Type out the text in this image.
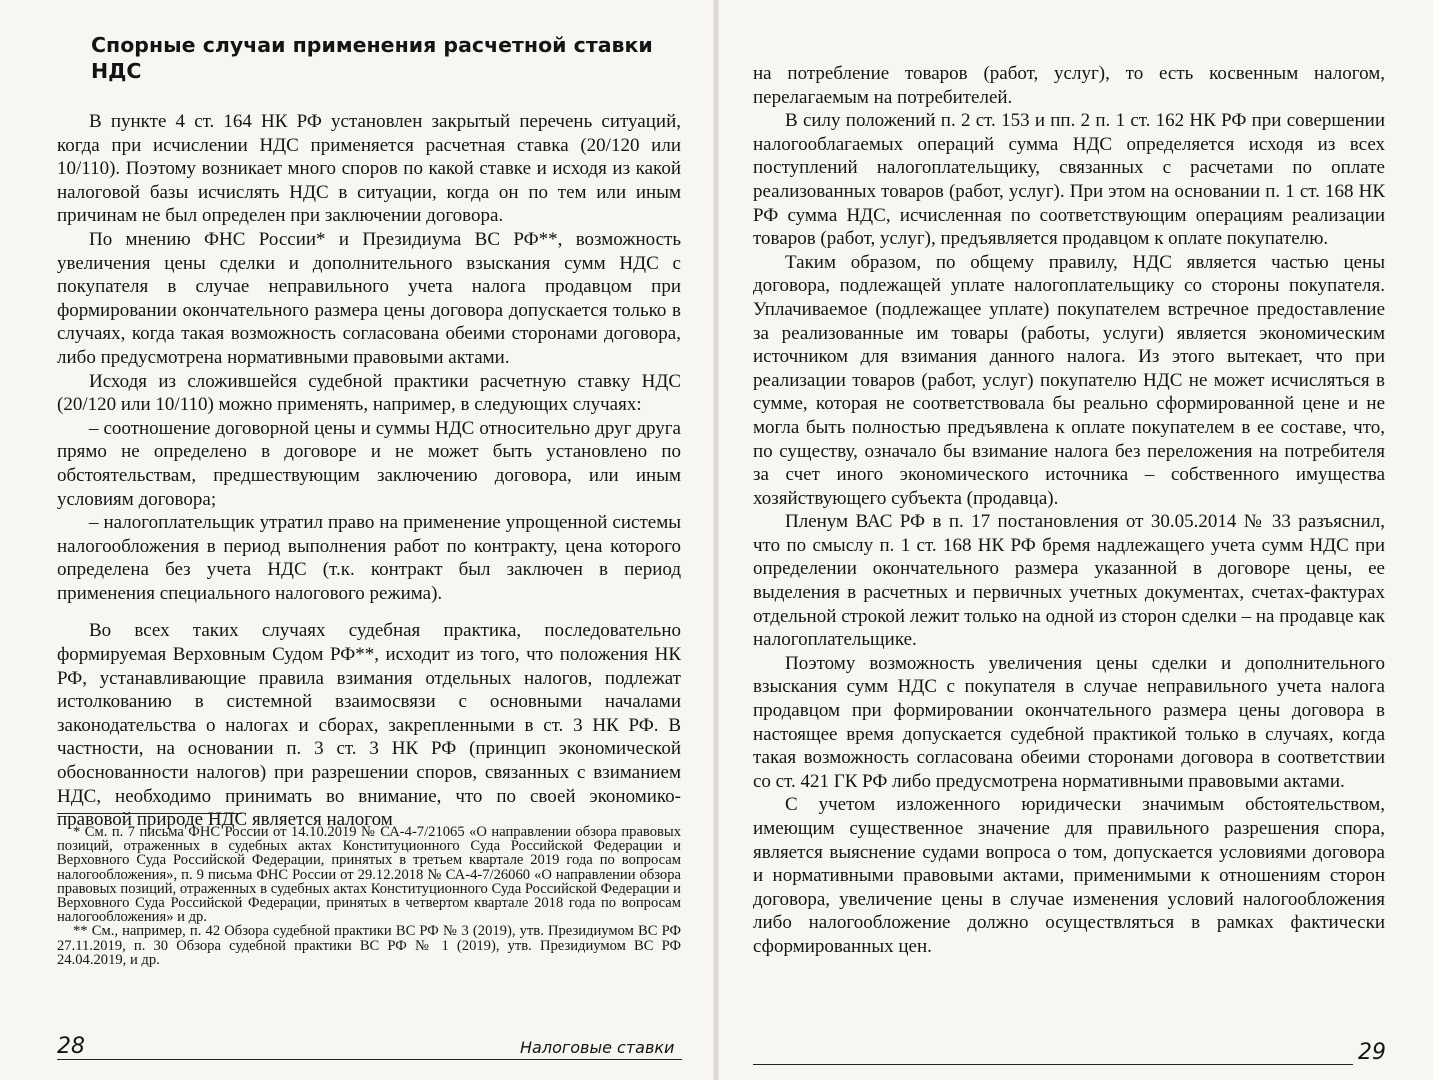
Спорные случаи применения расчетной ставки НДС

В пункте 4 ст. 164 НК РФ установлен закрытый перечень ситуаций, когда при исчислении НДС применяется расчетная ставка (20/120 или 10/110). Поэтому возникает много споров по какой ставке и исходя из какой налоговой базы исчислять НДС в ситуации, когда он по тем или иным причинам не был определен при заключении договора.

По мнению ФНС России* и Президиума ВС РФ**, возможность увеличения цены сделки и дополнительного взыскания сумм НДС с покупателя в случае неправильного учета налога продавцом при формировании окончательного размера цены договора допускается только в случаях, когда такая возможность согласована обеими сторонами договора, либо предусмотрена нормативными правовыми актами.

Исходя из сложившейся судебной практики расчетную ставку НДС (20/120 или 10/110) можно применять, например, в следующих случаях:

– соотношение договорной цены и суммы НДС относительно друг друга прямо не определено в договоре и не может быть установлено по обстоятельствам, предшествующим заключению договора, или иным условиям договора;
– налогоплательщик утратил право на применение упрощенной системы налогообложения в период выполнения работ по контракту, цена которого определена без учета НДС (т.к. контракт был заключен в период применения специального налогового режима).

Во всех таких случаях судебная практика, последовательно формируемая Верховным Судом РФ**, исходит из того, что положения НК РФ, устанавливающие правила взимания отдельных налогов, подлежат истолкованию в системной взаимосвязи с основными началами законодательства о налогах и сборах, закрепленными в ст. 3 НК РФ. В частности, на основании п. 3 ст. 3 НК РФ (принцип экономической обоснованности налогов) при разрешении споров, связанных с взиманием НДС, необходимо принимать во внимание, что по своей экономико-правовой природе НДС является налогом

* См. п. 7 письма ФНС России от 14.10.2019 № СА-4-7/21065 «О направлении обзора правовых позиций, отраженных в судебных актах Конституционного Суда Российской Федерации и Верховного Суда Российской Федерации, принятых в третьем квартале 2019 года по вопросам налогообложения», п. 9 письма ФНС России от 29.12.2018 № СА-4-7/26060 «О направлении обзора правовых позиций, отраженных в судебных актах Конституционного Суда Российской Федерации и Верховного Суда Российской Федерации, принятых в четвертом квартале 2018 года по вопросам налогообложения» и др.

** См., например, п. 42 Обзора судебной практики ВС РФ № 3 (2019), утв. Президиумом ВС РФ 27.11.2019, п. 30 Обзора судебной практики ВС РФ № 1 (2019), утв. Президиумом ВС РФ 24.04.2019, и др.

28	Налоговые ставки

на потребление товаров (работ, услуг), то есть косвенным налогом, перелагаемым на потребителей.

В силу положений п. 2 ст. 153 и пп. 2 п. 1 ст. 162 НК РФ при совершении налогооблагаемых операций сумма НДС определяется исходя из всех поступлений налогоплательщику, связанных с расчетами по оплате реализованных товаров (работ, услуг). При этом на основании п. 1 ст. 168 НК РФ сумма НДС, исчисленная по соответствующим операциям реализации товаров (работ, услуг), предъявляется продавцом к оплате покупателю.

Таким образом, по общему правилу, НДС является частью цены договора, подлежащей уплате налогоплательщику со стороны покупателя. Уплачиваемое (подлежащее уплате) покупателем встречное предоставление за реализованные им товары (работы, услуги) является экономическим источником для взимания данного налога. Из этого вытекает, что при реализации товаров (работ, услуг) покупателю НДС не может исчисляться в сумме, которая не соответствовала бы реально сформированной цене и не могла быть полностью предъявлена к оплате покупателем в ее составе, что, по существу, означало бы взимание налога без переложения на потребителя за счет иного экономического источника – собственного имущества хозяйствующего субъекта (продавца).

Пленум ВАС РФ в п. 17 постановления от 30.05.2014 № 33 разъяснил, что по смыслу п. 1 ст. 168 НК РФ бремя надлежащего учета сумм НДС при определении окончательного размера указанной в договоре цены, ее выделения в расчетных и первичных учетных документах, счетах-фактурах отдельной строкой лежит только на одной из сторон сделки – на продавце как налогоплательщике.

Поэтому возможность увеличения цены сделки и дополнительного взыскания сумм НДС с покупателя в случае неправильного учета налога продавцом при формировании окончательного размера цены договора в настоящее время допускается судебной практикой только в случаях, когда такая возможность согласована обеими сторонами договора в соответствии со ст. 421 ГК РФ либо предусмотрена нормативными правовыми актами.

С учетом изложенного юридически значимым обстоятельством, имеющим существенное значение для правильного разрешения спора, является выяснение судами вопроса о том, допускается условиями договора и нормативными правовыми актами, применимыми к отношениям сторон договора, увеличение цены в случае изменения условий налогообложения либо налогообложение должно осуществляться в рамках фактически сформированных цен.

29
